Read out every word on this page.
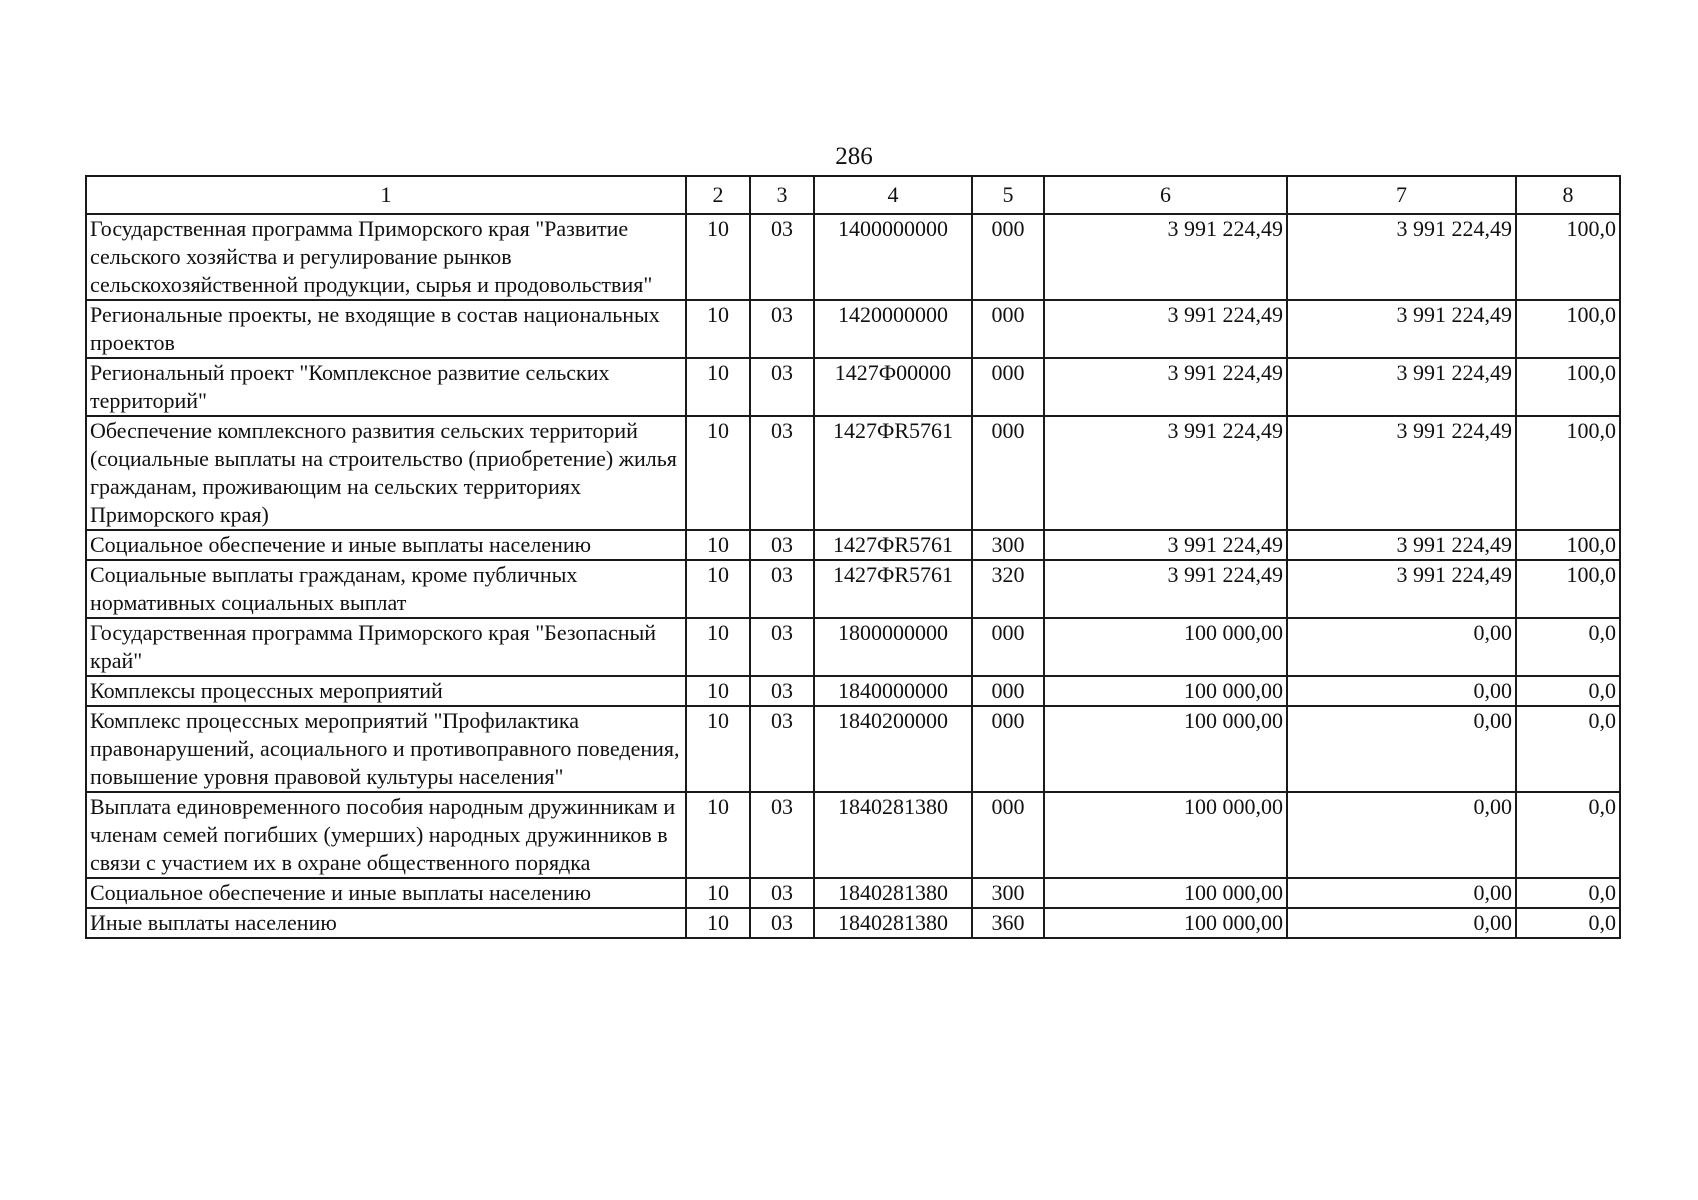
286
1	2	3	4	5	6	7	8
Государственная программа Приморского края "Развитие сельского хозяйства и регулирование рынков сельскохозяйственной продукции, сырья и продовольствия"	10	03	1400000000	000	3 991 224,49	3 991 224,49	100,0
Региональные проекты, не входящие в состав национальных проектов	10	03	1420000000	000	3 991 224,49	3 991 224,49	100,0
Региональный проект "Комплексное развитие сельских территорий"	10	03	1427Ф00000	000	3 991 224,49	3 991 224,49	100,0
Обеспечение комплексного развития сельских территорий (социальные выплаты на строительство (приобретение) жилья гражданам, проживающим на сельских территориях Приморского края)	10	03	1427ФR5761	000	3 991 224,49	3 991 224,49	100,0
Социальное обеспечение и иные выплаты населению	10	03	1427ФR5761	300	3 991 224,49	3 991 224,49	100,0
Социальные выплаты гражданам, кроме публичных нормативных социальных выплат	10	03	1427ФR5761	320	3 991 224,49	3 991 224,49	100,0
Государственная программа Приморского края "Безопасный край"	10	03	1800000000	000	100 000,00	0,00	0,0
Комплексы процессных мероприятий	10	03	1840000000	000	100 000,00	0,00	0,0
Комплекс процессных мероприятий "Профилактика правонарушений, асоциального и противоправного поведения, повышение уровня правовой культуры населения"	10	03	1840200000	000	100 000,00	0,00	0,0
Выплата единовременного пособия народным дружинникам и членам семей погибших (умерших) народных дружинников в связи с участием их в охране общественного порядка	10	03	1840281380	000	100 000,00	0,00	0,0
Социальное обеспечение и иные выплаты населению	10	03	1840281380	300	100 000,00	0,00	0,0
Иные выплаты населению	10	03	1840281380	360	100 000,00	0,00	0,0
